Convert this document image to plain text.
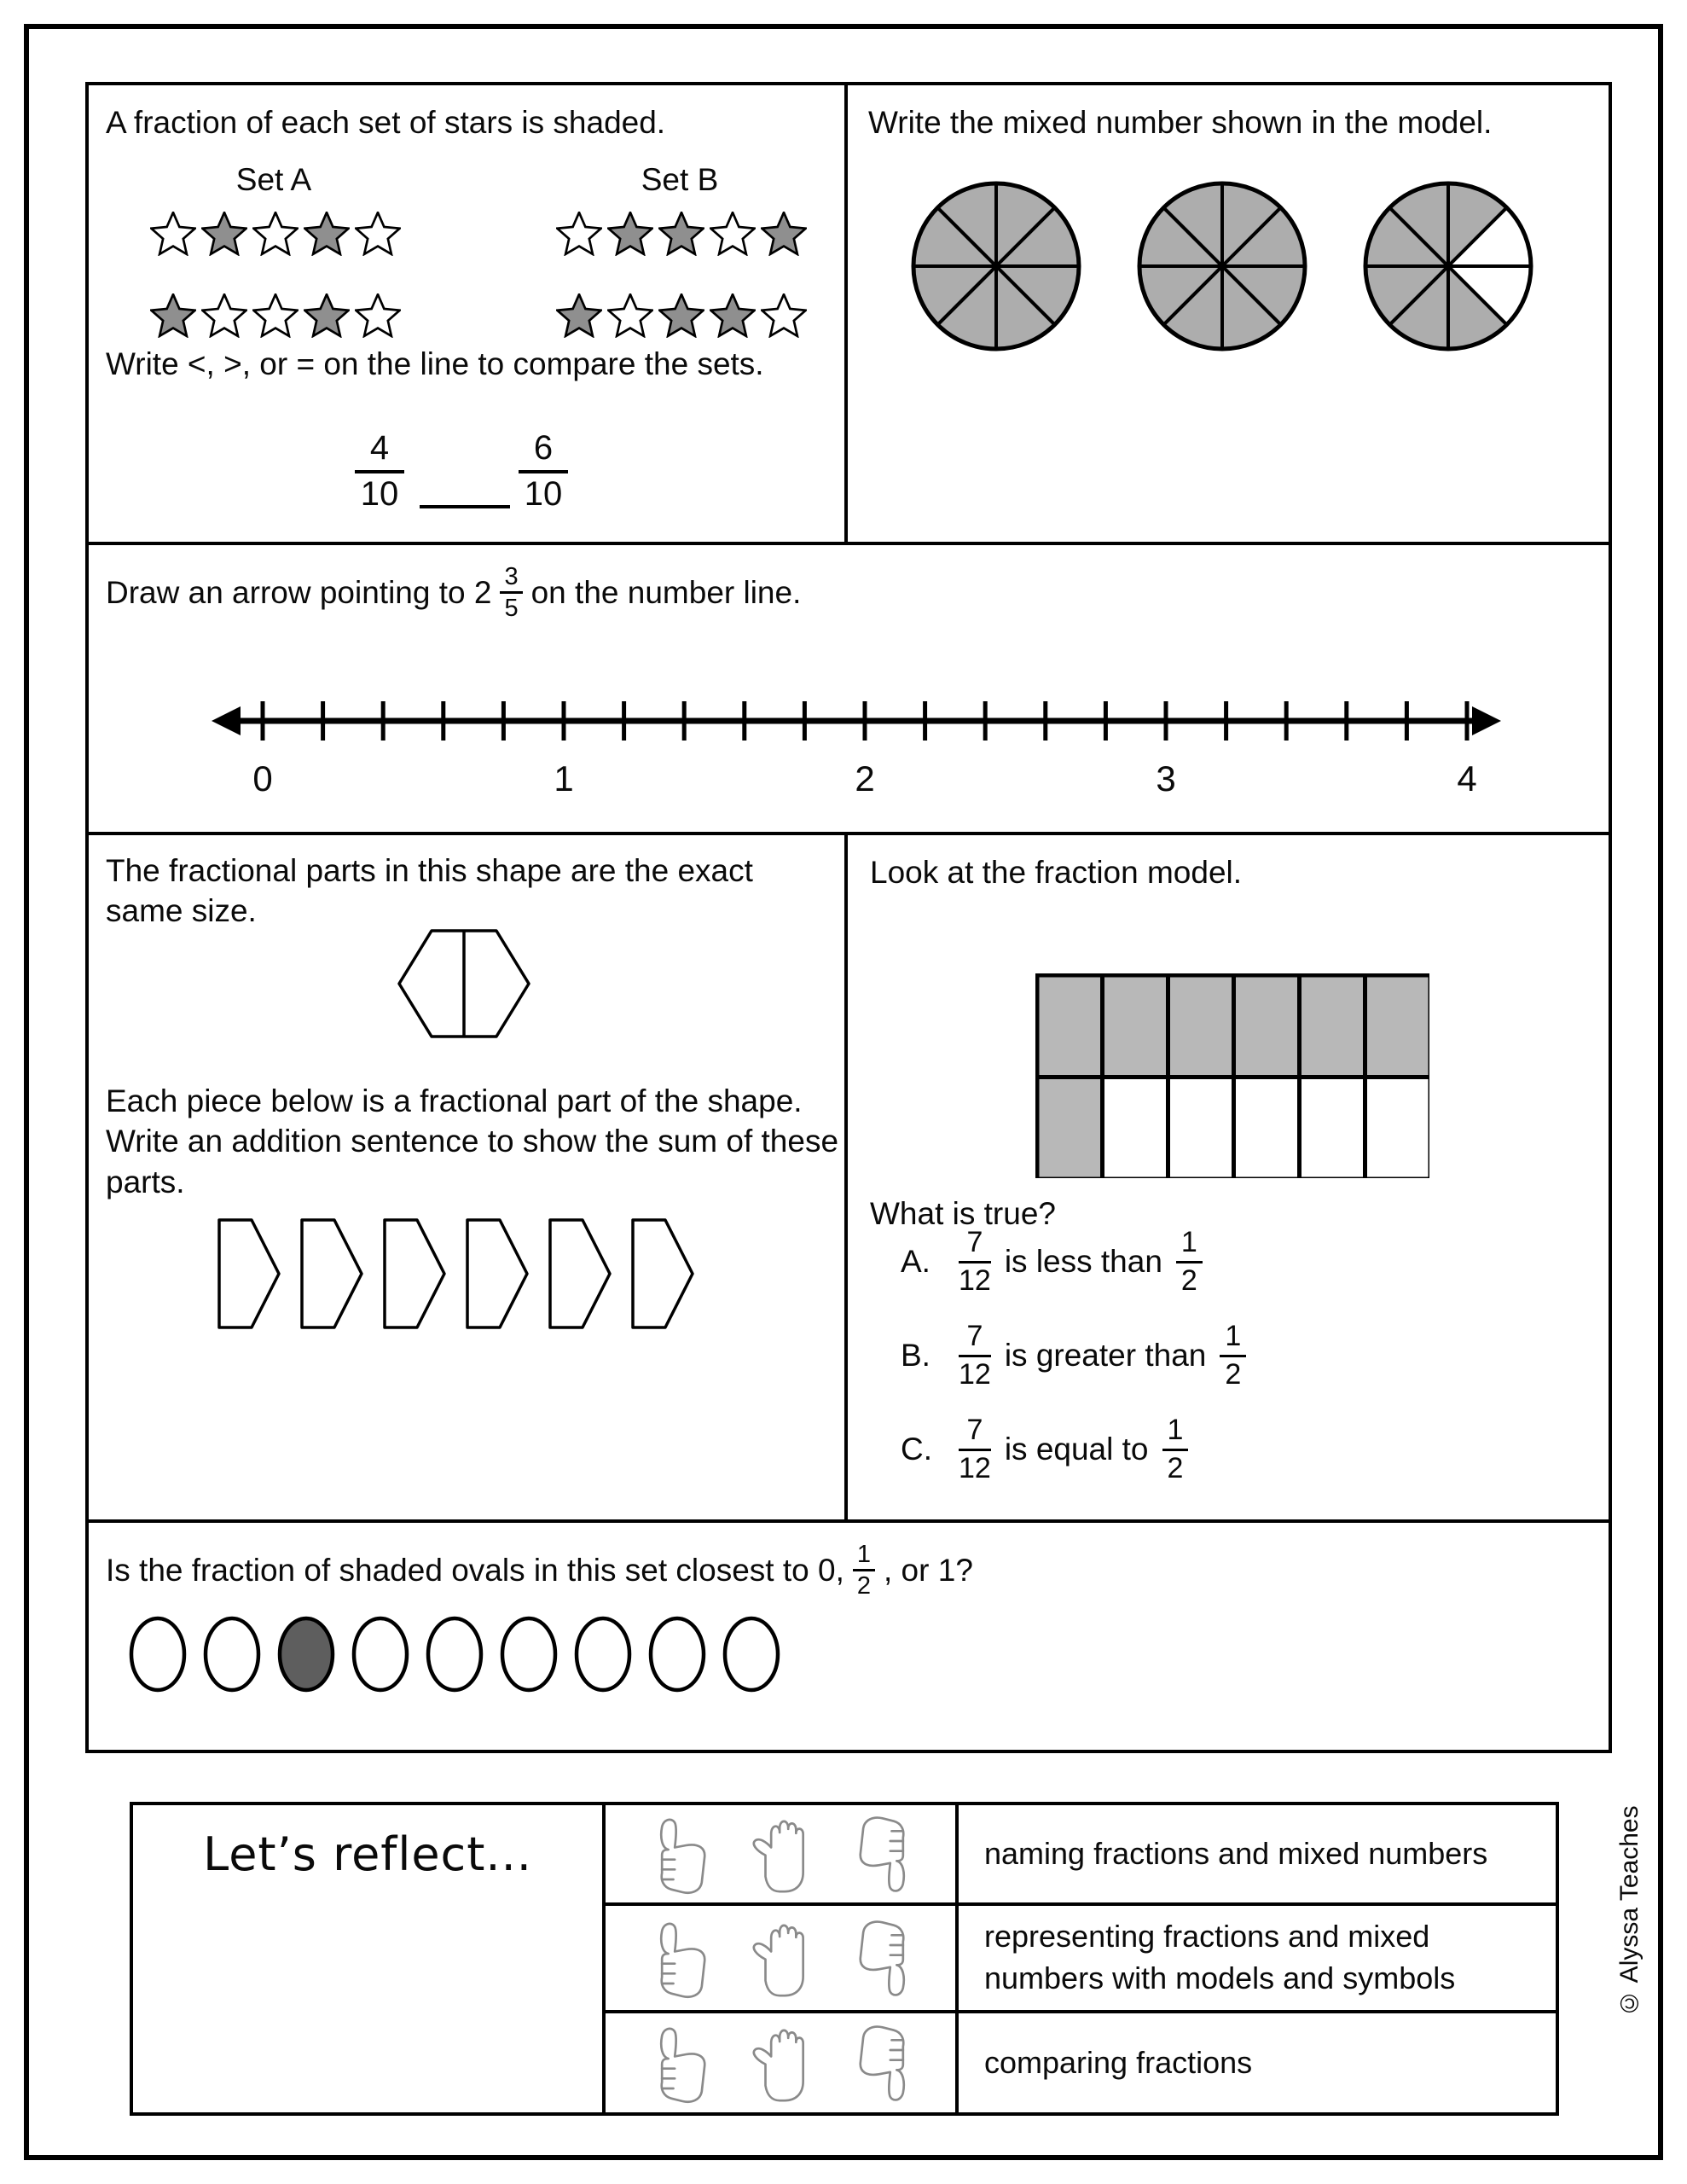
A fraction of each set of stars is shaded.
Set A	Set B
Write <, >, or = on the line to compare the sets.
$\frac{4}{10}$	$\frac{6}{10}$
Write the mixed number shown in the model.
Draw an arrow pointing to $2 \frac{3}{5}$ on the number line.
0	1	2	3	4
The fractional parts in this shape are the exact same size.
Each piece below is a fractional part of the shape. Write an addition sentence to show the sum of these parts.
Look at the fraction model.
What is true?
A. $\frac{7}{12}$ is less than $\frac{1}{2}$
B. $\frac{7}{12}$ is greater than $\frac{1}{2}$
C. $\frac{7}{12}$ is equal to $\frac{1}{2}$
Is the fraction of shaded ovals in this set closest to 0, $\frac{1}{2}$ , or 1?
Let’s reflect...	naming fractions and mixed numbers
representing fractions and mixed numbers with models and symbols
comparing fractions
© Alyssa Teaches
